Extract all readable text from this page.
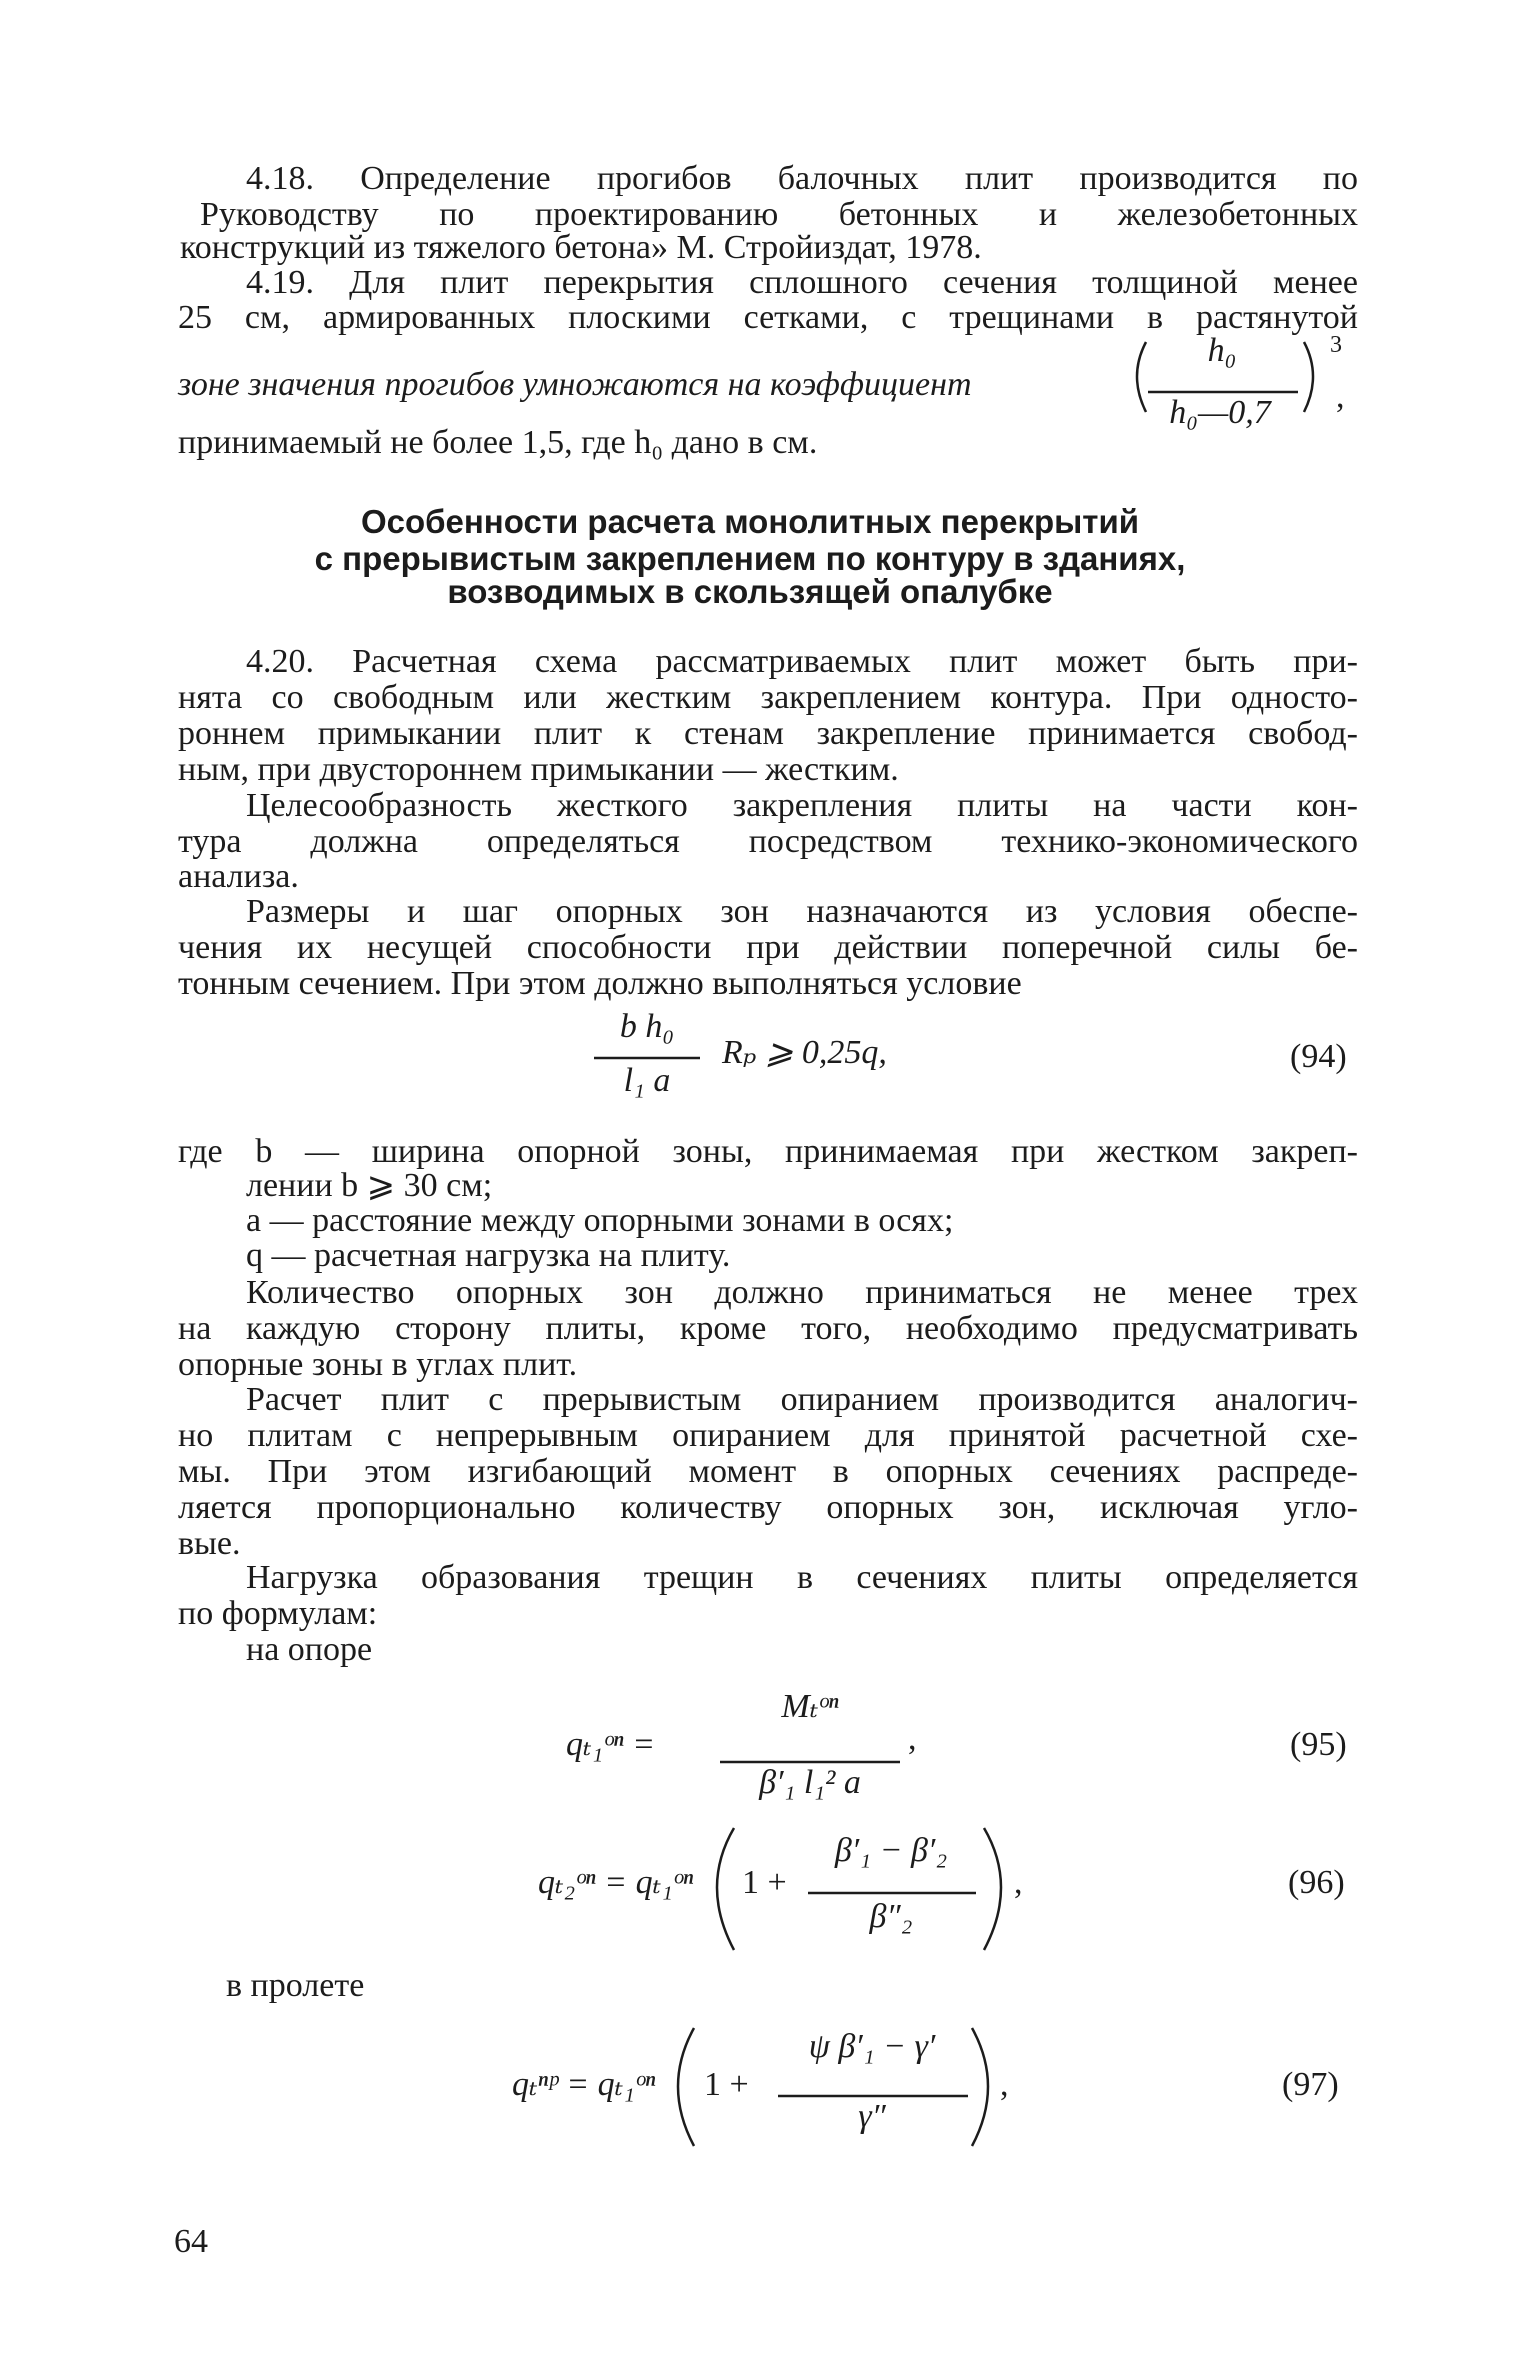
4.18. Определение прогибов балочных плит производится по
Руководству по проектированию бетонных и железобетонных
конструкций из тяжелого бетона» М. Стройиздат, 1978.
4.19. Для плит перекрытия сплошного сечения толщиной менее
25 см, армированных плоскими сетками, с трещинами в растянутой
зоне значения прогибов умножаются на коэффициент
h₀
h₀—0,7
3
,
принимаемый не более 1,5, где h₀ дано в см.
Особенности расчета монолитных перекрытий
с прерывистым закреплением по контуру в зданиях,
возводимых в скользящей опалубке
4.20. Расчетная схема рассматриваемых плит может быть при-
нята со свободным или жестким закреплением контура. При односто-
роннем примыкании плит к стенам закрепление принимается свобод-
ным, при двустороннем примыкании — жестким.
Целесообразность жесткого закрепления плиты на части кон-
тура должна определяться посредством технико-экономического
анализа.
Размеры и шаг опорных зон назначаются из условия обеспе-
чения их несущей способности при действии поперечной силы бе-
тонным сечением. При этом должно выполняться условие
b h₀
l₁ a
Rₚ ⩾ 0,25q,	(94)
где b — ширина опорной зоны, принимаемая при жестком закреп-
лении b ⩾ 30 см;
a — расстояние между опорными зонами в осях;
q — расчетная нагрузка на плиту.
Количество опорных зон должно приниматься не менее трех
на каждую сторону плиты, кроме того, необходимо предусматривать
опорные зоны в углах плит.
Расчет плит с прерывистым опиранием производится аналогич-
но плитам с непрерывным опиранием для принятой расчетной схе-
мы. При этом изгибающий момент в опорных сечениях распреде-
ляется пропорционально количеству опорных зон, исключая угло-
вые.
Нагрузка образования трещин в сечениях плиты определяется
по формулам:
на опоре
qₜ₁ᵒⁿ =
Mₜᵒⁿ
β′₁ l₁² a
,	(95)
qₜ₂ᵒⁿ = qₜ₁ᵒⁿ 1 +
β′₁ − β′₂
β″₂
,	(96)
в пролете
qₜⁿᵖ = qₜ₁ᵒⁿ 1 +
ψ β′₁ − γ′
γ″
,	(97)
64
